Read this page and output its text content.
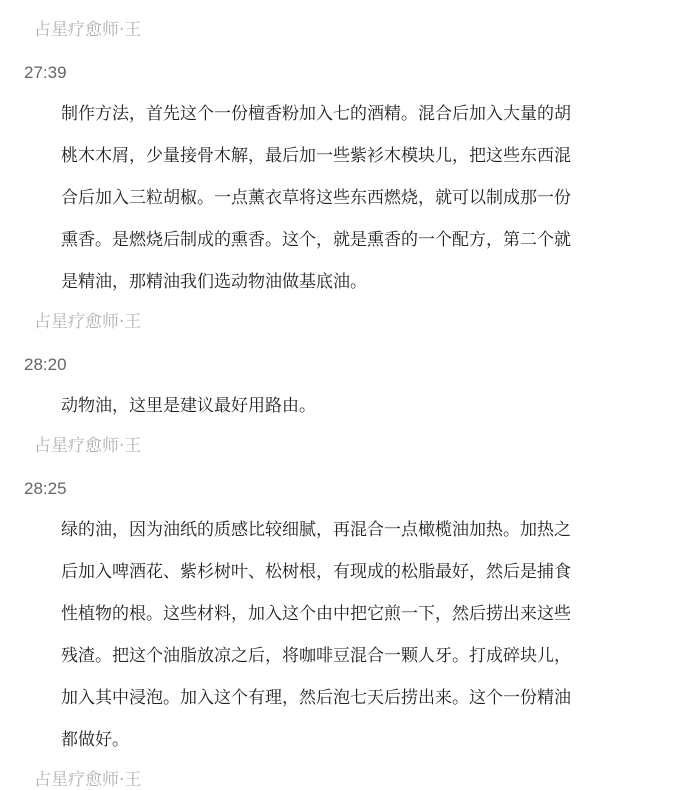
占星疗愈师·王
27:39
制作方法，首先这个一份檀香粉加入七的酒精。混合后加入大量的胡
桃木木屑，少量接骨木解，最后加一些紫衫木模块儿，把这些东西混
合后加入三粒胡椒。一点薰衣草将这些东西燃烧，就可以制成那一份
熏香。是燃烧后制成的熏香。这个，就是熏香的一个配方，第二个就
是精油，那精油我们选动物油做基底油。
占星疗愈师·王
28:20
动物油，这里是建议最好用路由。
占星疗愈师·王
28:25
绿的油，因为油纸的质感比较细腻，再混合一点橄榄油加热。加热之
后加入啤酒花、紫杉树叶、松树根，有现成的松脂最好，然后是捕食
性植物的根。这些材料，加入这个由中把它煎一下，然后捞出来这些
残渣。把这个油脂放凉之后，将咖啡豆混合一颗人牙。打成碎块儿，
加入其中浸泡。加入这个有理，然后泡七天后捞出来。这个一份精油
都做好。
占星疗愈师·王
